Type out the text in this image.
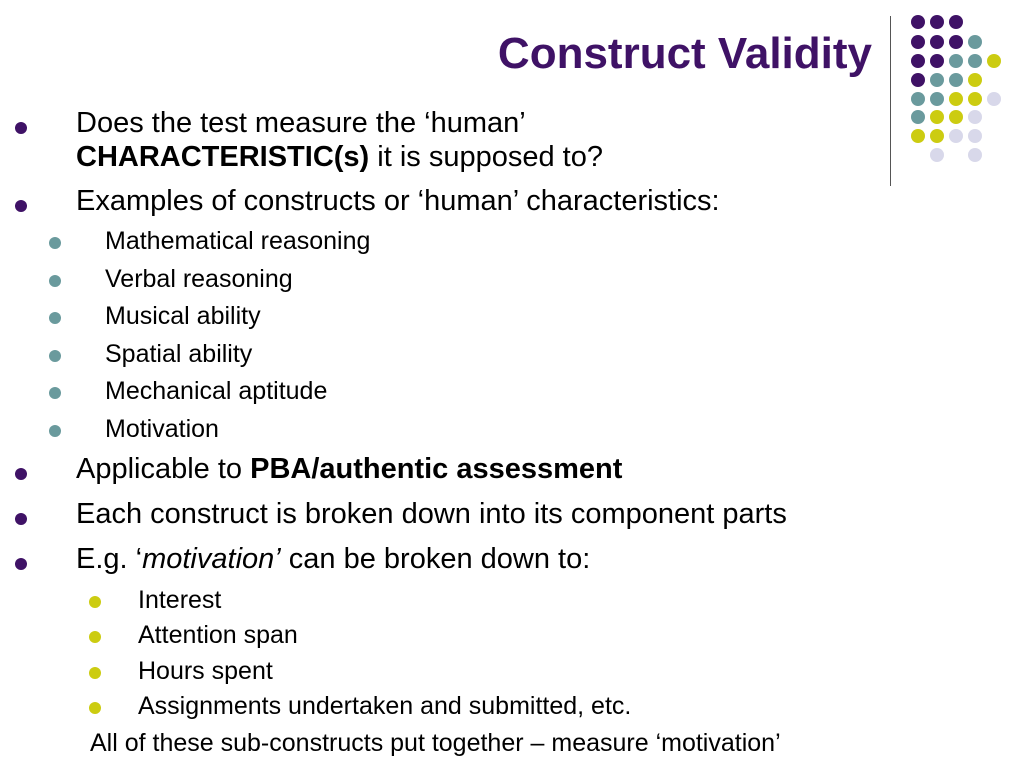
Construct Validity
Does the test measure the ‘human’
CHARACTERISTIC(s) it is supposed to?
Examples of constructs or ‘human’ characteristics:
Mathematical reasoning
Verbal reasoning
Musical ability
Spatial ability
Mechanical aptitude
Motivation
Applicable to PBA/authentic assessment
Each construct is broken down into its component parts
E.g. ‘motivation’ can be broken down to:
Interest
Attention span
Hours spent
Assignments undertaken and submitted, etc.
All of these sub-constructs put together – measure ‘motivation’
